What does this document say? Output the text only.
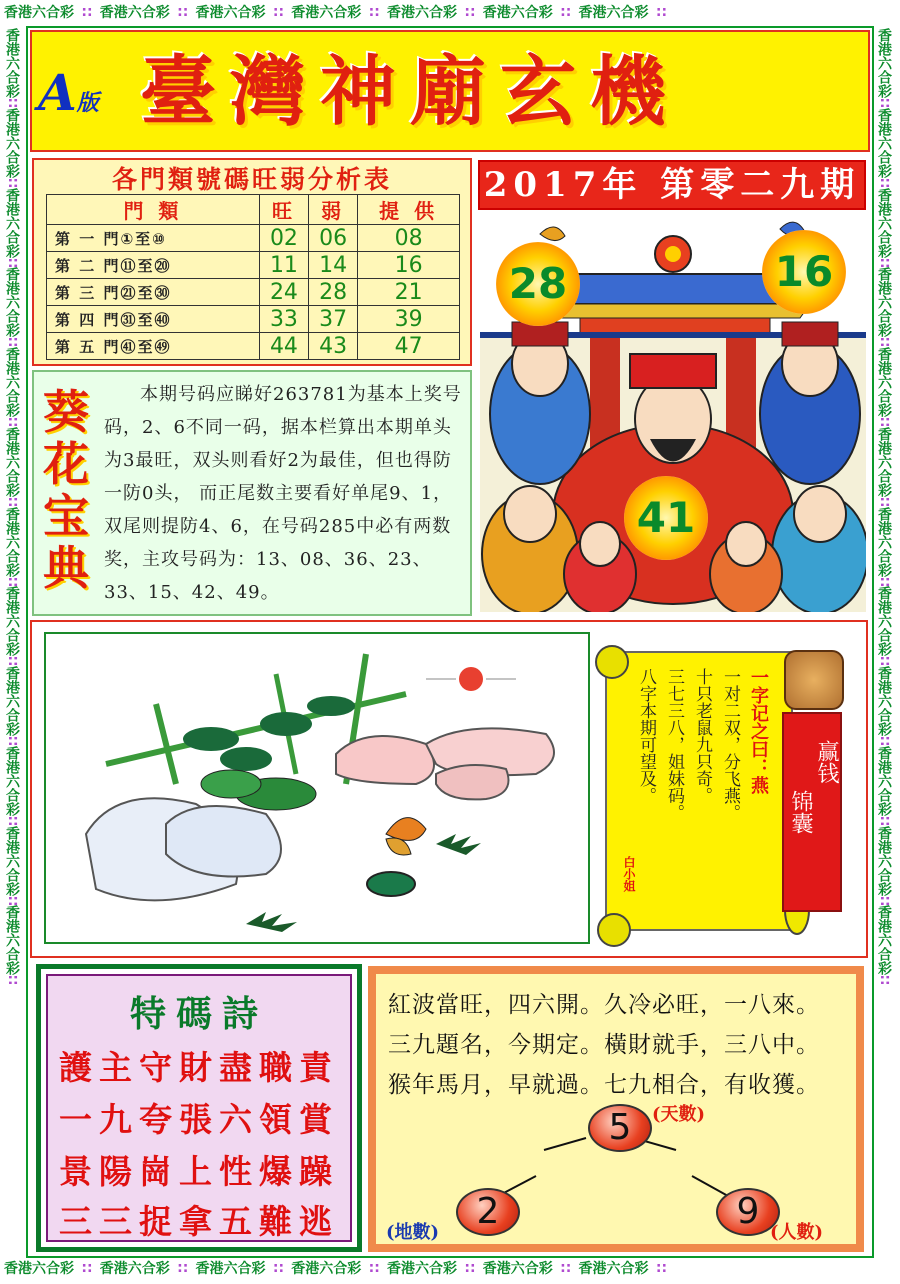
香港六合彩 ∷ 香港六合彩 ∷ 香港六合彩 ∷ 香港六合彩 ∷ 香港六合彩 ∷ 香港六合彩 ∷ 香港六合彩 ∷
香港六合彩 ∷ 香港六合彩 ∷ 香港六合彩 ∷ 香港六合彩 ∷ 香港六合彩 ∷ 香港六合彩 ∷ 香港六合彩 ∷
香港六合彩∷香港六合彩∷香港六合彩∷香港六合彩∷香港六合彩∷香港六合彩∷香港六合彩∷香港六合彩∷香港六合彩∷香港六合彩∷香港六合彩∷香港六合彩∷
香港六合彩∷香港六合彩∷香港六合彩∷香港六合彩∷香港六合彩∷香港六合彩∷香港六合彩∷香港六合彩∷香港六合彩∷香港六合彩∷香港六合彩∷香港六合彩∷
A版 臺灣神廟玄機
各門類號碼旺弱分析表
門 類	旺	弱	提 供
第 一 門①至⑩	02	06	08
第 二 門⑪至⑳	11	14	16
第 三 門㉑至㉚	24	28	21
第 四 門㉛至㊵	33	37	39
第 五 門㊶至㊾	44	43	47
2017年 第零二九期
28	16
41
葵花宝典
本期号码应睇好263781为基本上奖号码，2、6不同一码，据本栏算出本期单头为3最旺，双头则看好2为最佳，但也得防一防0头， 而正尾数主要看好单尾9、1，双尾则提防4、6，在号码285中必有两数奖，主攻号码为：13、08、36、23、33、15、42、49。
赢钱
锦囊
一字记之曰：燕
一对二双，分飞燕。
十只老鼠九只奇。
三七三八，姐妹码。
八字本期可望及。
白小姐
特碼詩
護主守財盡職責
一九夸張六領賞
景陽崗上性爆躁
三三捉拿五難逃
紅波當旺，四六開。久冷必旺，一八來。
三九題名，今期定。橫財就手，三八中。
猴年馬月，早就過。七九相合，有收獲。
5	(天數)
2
(地數)
9
(人數)
